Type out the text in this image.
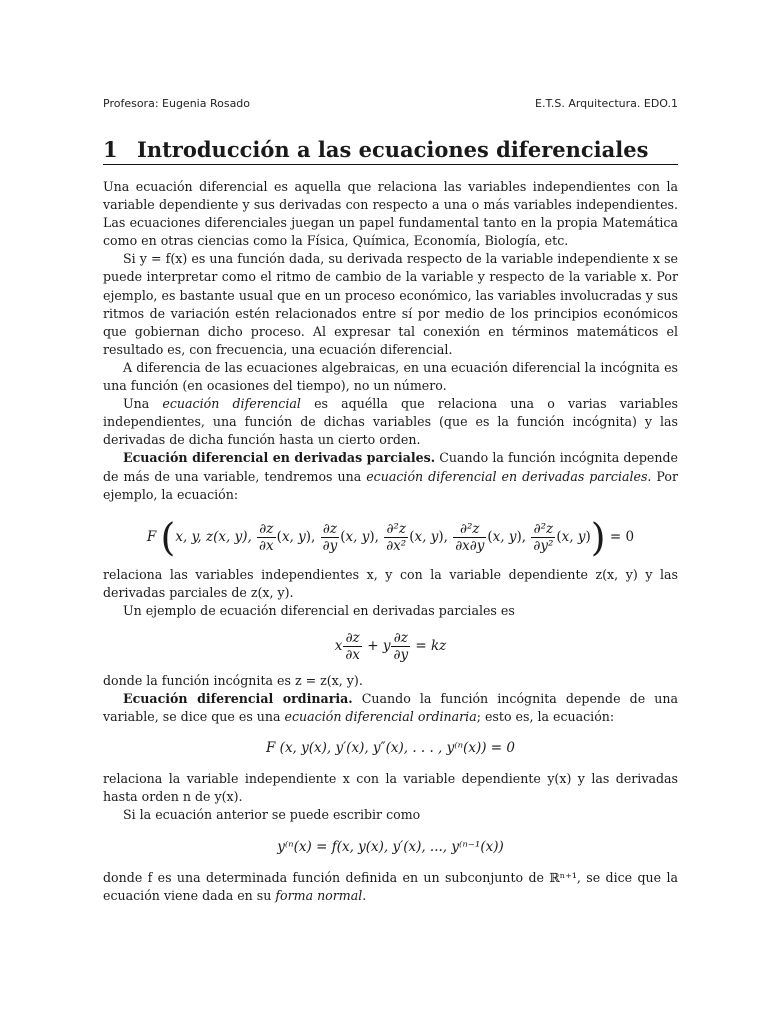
Profesora: Eugenia Rosado	E.T.S. Arquitectura. EDO.1
1 Introducción a las ecuaciones diferenciales

Una ecuación diferencial es aquella que relaciona las variables independientes con la variable dependiente y sus derivadas con respecto a una o más variables independientes. Las ecuaciones diferenciales juegan un papel fundamental tanto en la propia Matemática como en otras ciencias como la Física, Química, Economía, Biología, etc.

Si y = f(x) es una función dada, su derivada respecto de la variable independiente x se puede interpretar como el ritmo de cambio de la variable y respecto de la variable x. Por ejemplo, es bastante usual que en un proceso económico, las variables involucradas y sus ritmos de variación estén relacionados entre sí por medio de los principios económicos que gobiernan dicho proceso. Al expresar tal conexión en términos matemáticos el resultado es, con frecuencia, una ecuación diferencial.

A diferencia de las ecuaciones algebraicas, en una ecuación diferencial la incógnita es una función (en ocasiones del tiempo), no un número.

Una ecuación diferencial es aquélla que relaciona una o varias variables independientes, una función de dichas variables (que es la función incógnita) y las derivadas de dicha función hasta un cierto orden.

Ecuación diferencial en derivadas parciales. Cuando la función incógnita depende de más de una variable, tendremos una ecuación diferencial en derivadas parciales. Por ejemplo, la ecuación:

F (x, y, z(x, y), $\frac{\partial z}{\partial x} (x$, y), $\frac{\partial z}{\partial y} (x$, y), $\frac{\text{∂²z}}{\text{∂x²}} (x$, y), $\frac{\text{∂²z}}{\partial x\partial y} (x$, y), $\frac{\text{∂²z}}{\text{∂y²}} (x$, y)) = 0

relaciona las variables independientes x, y con la variable dependiente z(x, y) y las derivadas parciales de z(x, y).

Un ejemplo de ecuación diferencial en derivadas parciales es

x $\frac{\partial z}{\partial x} + y \frac{\partial z}{\partial y}$ = kz

donde la función incógnita es z = z(x, y).

Ecuación diferencial ordinaria. Cuando la función incógnita depende de una variable, se dice que es una ecuación diferencial ordinaria; esto es, la ecuación:

F (x, y(x), y′(x), y″(x), . . . , y⁽ⁿ(x)) = 0

relaciona la variable independiente x con la variable dependiente y(x) y las derivadas hasta orden n de y(x).

Si la ecuación anterior se puede escribir como

y⁽ⁿ(x) = f(x, y(x), y′(x), ..., y⁽ⁿ⁻¹(x))

donde f es una determinada función definida en un subconjunto de ℝⁿ⁺¹, se dice que la ecuación viene dada en su forma normal.
